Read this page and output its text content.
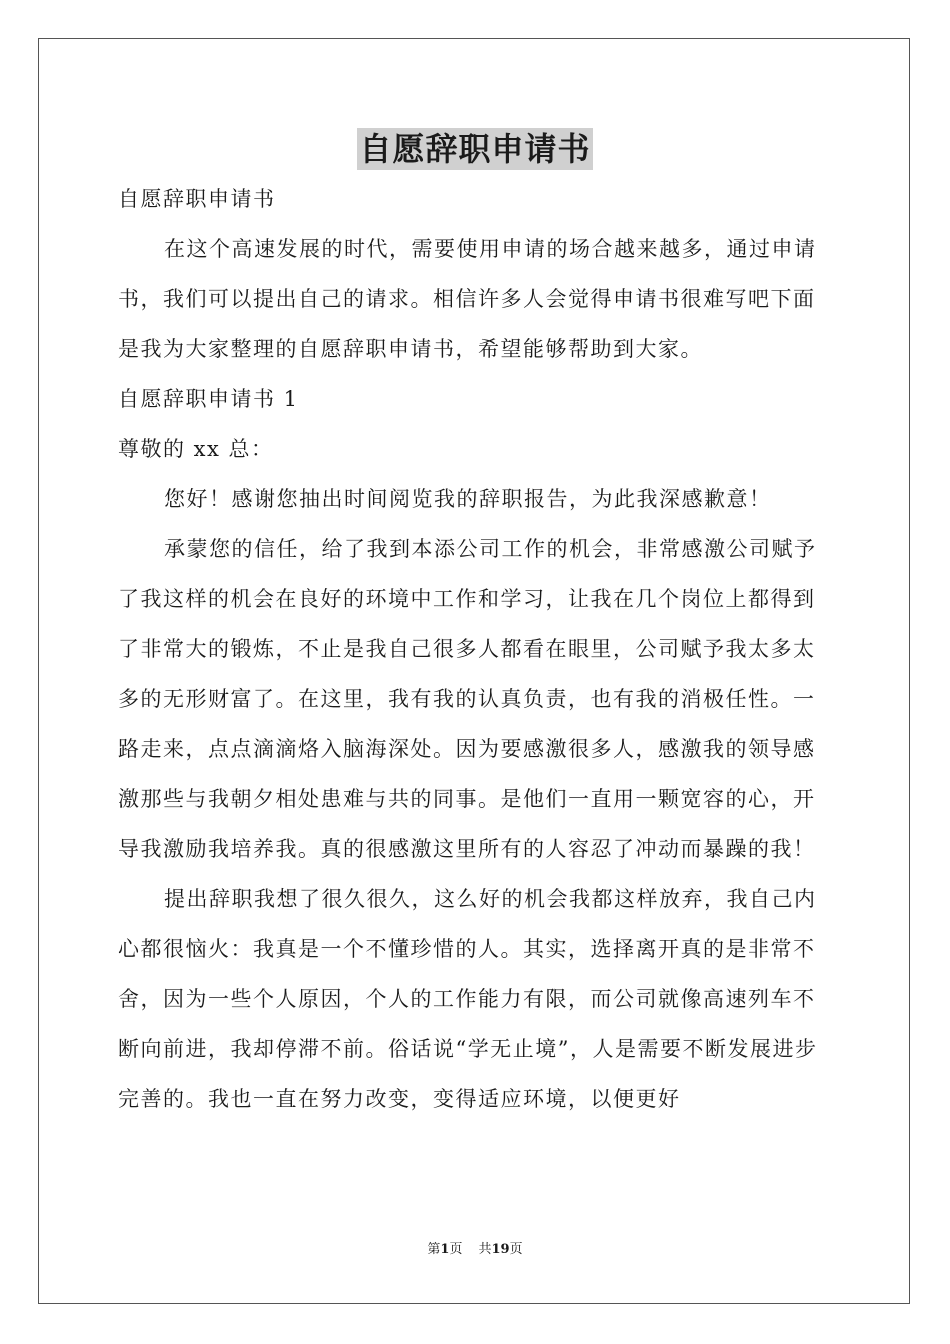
自愿辞职申请书

自愿辞职申请书

在这个高速发展的时代，需要使用申请的场合越来越多，通过申请书，我们可以提出自己的请求。相信许多人会觉得申请书很难写吧下面是我为大家整理的自愿辞职申请书，希望能够帮助到大家。

自愿辞职申请书 1

尊敬的 xx 总：

您好！感谢您抽出时间阅览我的辞职报告，为此我深感歉意！

承蒙您的信任，给了我到本添公司工作的机会，非常感激公司赋予了我这样的机会在良好的环境中工作和学习，让我在几个岗位上都得到了非常大的锻炼，不止是我自己很多人都看在眼里，公司赋予我太多太多的无形财富了。在这里，我有我的认真负责，也有我的消极任性。一路走来，点点滴滴烙入脑海深处。因为要感激很多人，感激我的领导感激那些与我朝夕相处患难与共的同事。是他们一直用一颗宽容的心，开导我激励我培养我。真的很感激这里所有的人容忍了冲动而暴躁的我！

提出辞职我想了很久很久，这么好的机会我都这样放弃，我自己内心都很恼火：我真是一个不懂珍惜的人。其实，选择离开真的是非常不舍，因为一些个人原因，个人的工作能力有限，而公司就像高速列车不断向前进，我却停滞不前。俗话说“学无止境”，人是需要不断发展进步完善的。我也一直在努力改变，变得适应环境，以便更好

第1页 共19页
